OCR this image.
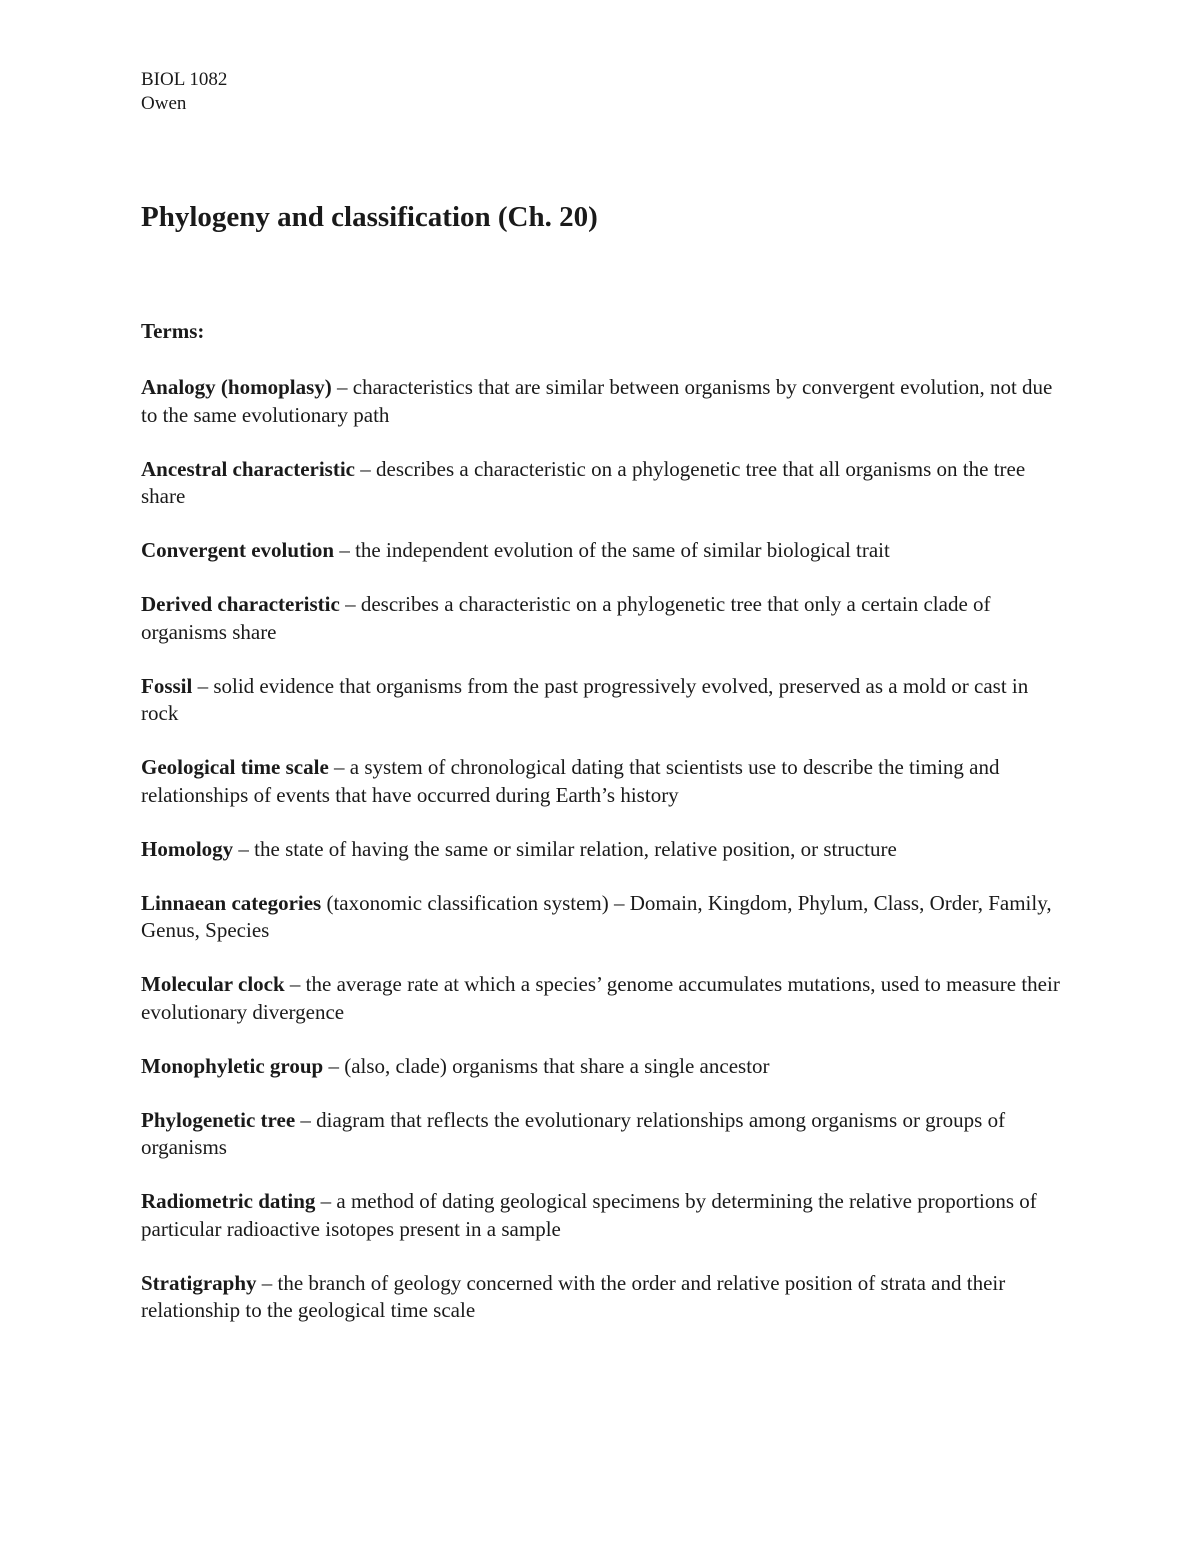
BIOL 1082

Owen

Phylogeny and classification (Ch. 20)
Terms:

Analogy (homoplasy) – characteristics that are similar between organisms by convergent evolution, not due to the same evolutionary path

Ancestral characteristic – describes a characteristic on a phylogenetic tree that all organisms on the tree share

Convergent evolution – the independent evolution of the same of similar biological trait

Derived characteristic – describes a characteristic on a phylogenetic tree that only a certain clade of organisms share

Fossil – solid evidence that organisms from the past progressively evolved, preserved as a mold or cast in rock

Geological time scale – a system of chronological dating that scientists use to describe the timing and relationships of events that have occurred during Earth’s history

Homology – the state of having the same or similar relation, relative position, or structure

Linnaean categories (taxonomic classification system) – Domain, Kingdom, Phylum, Class, Order, Family, Genus, Species

Molecular clock – the average rate at which a species’ genome accumulates mutations, used to measure their evolutionary divergence

Monophyletic group – (also, clade) organisms that share a single ancestor

Phylogenetic tree – diagram that reflects the evolutionary relationships among organisms or groups of organisms

Radiometric dating – a method of dating geological specimens by determining the relative proportions of particular radioactive isotopes present in a sample

Stratigraphy – the branch of geology concerned with the order and relative position of strata and their relationship to the geological time scale
